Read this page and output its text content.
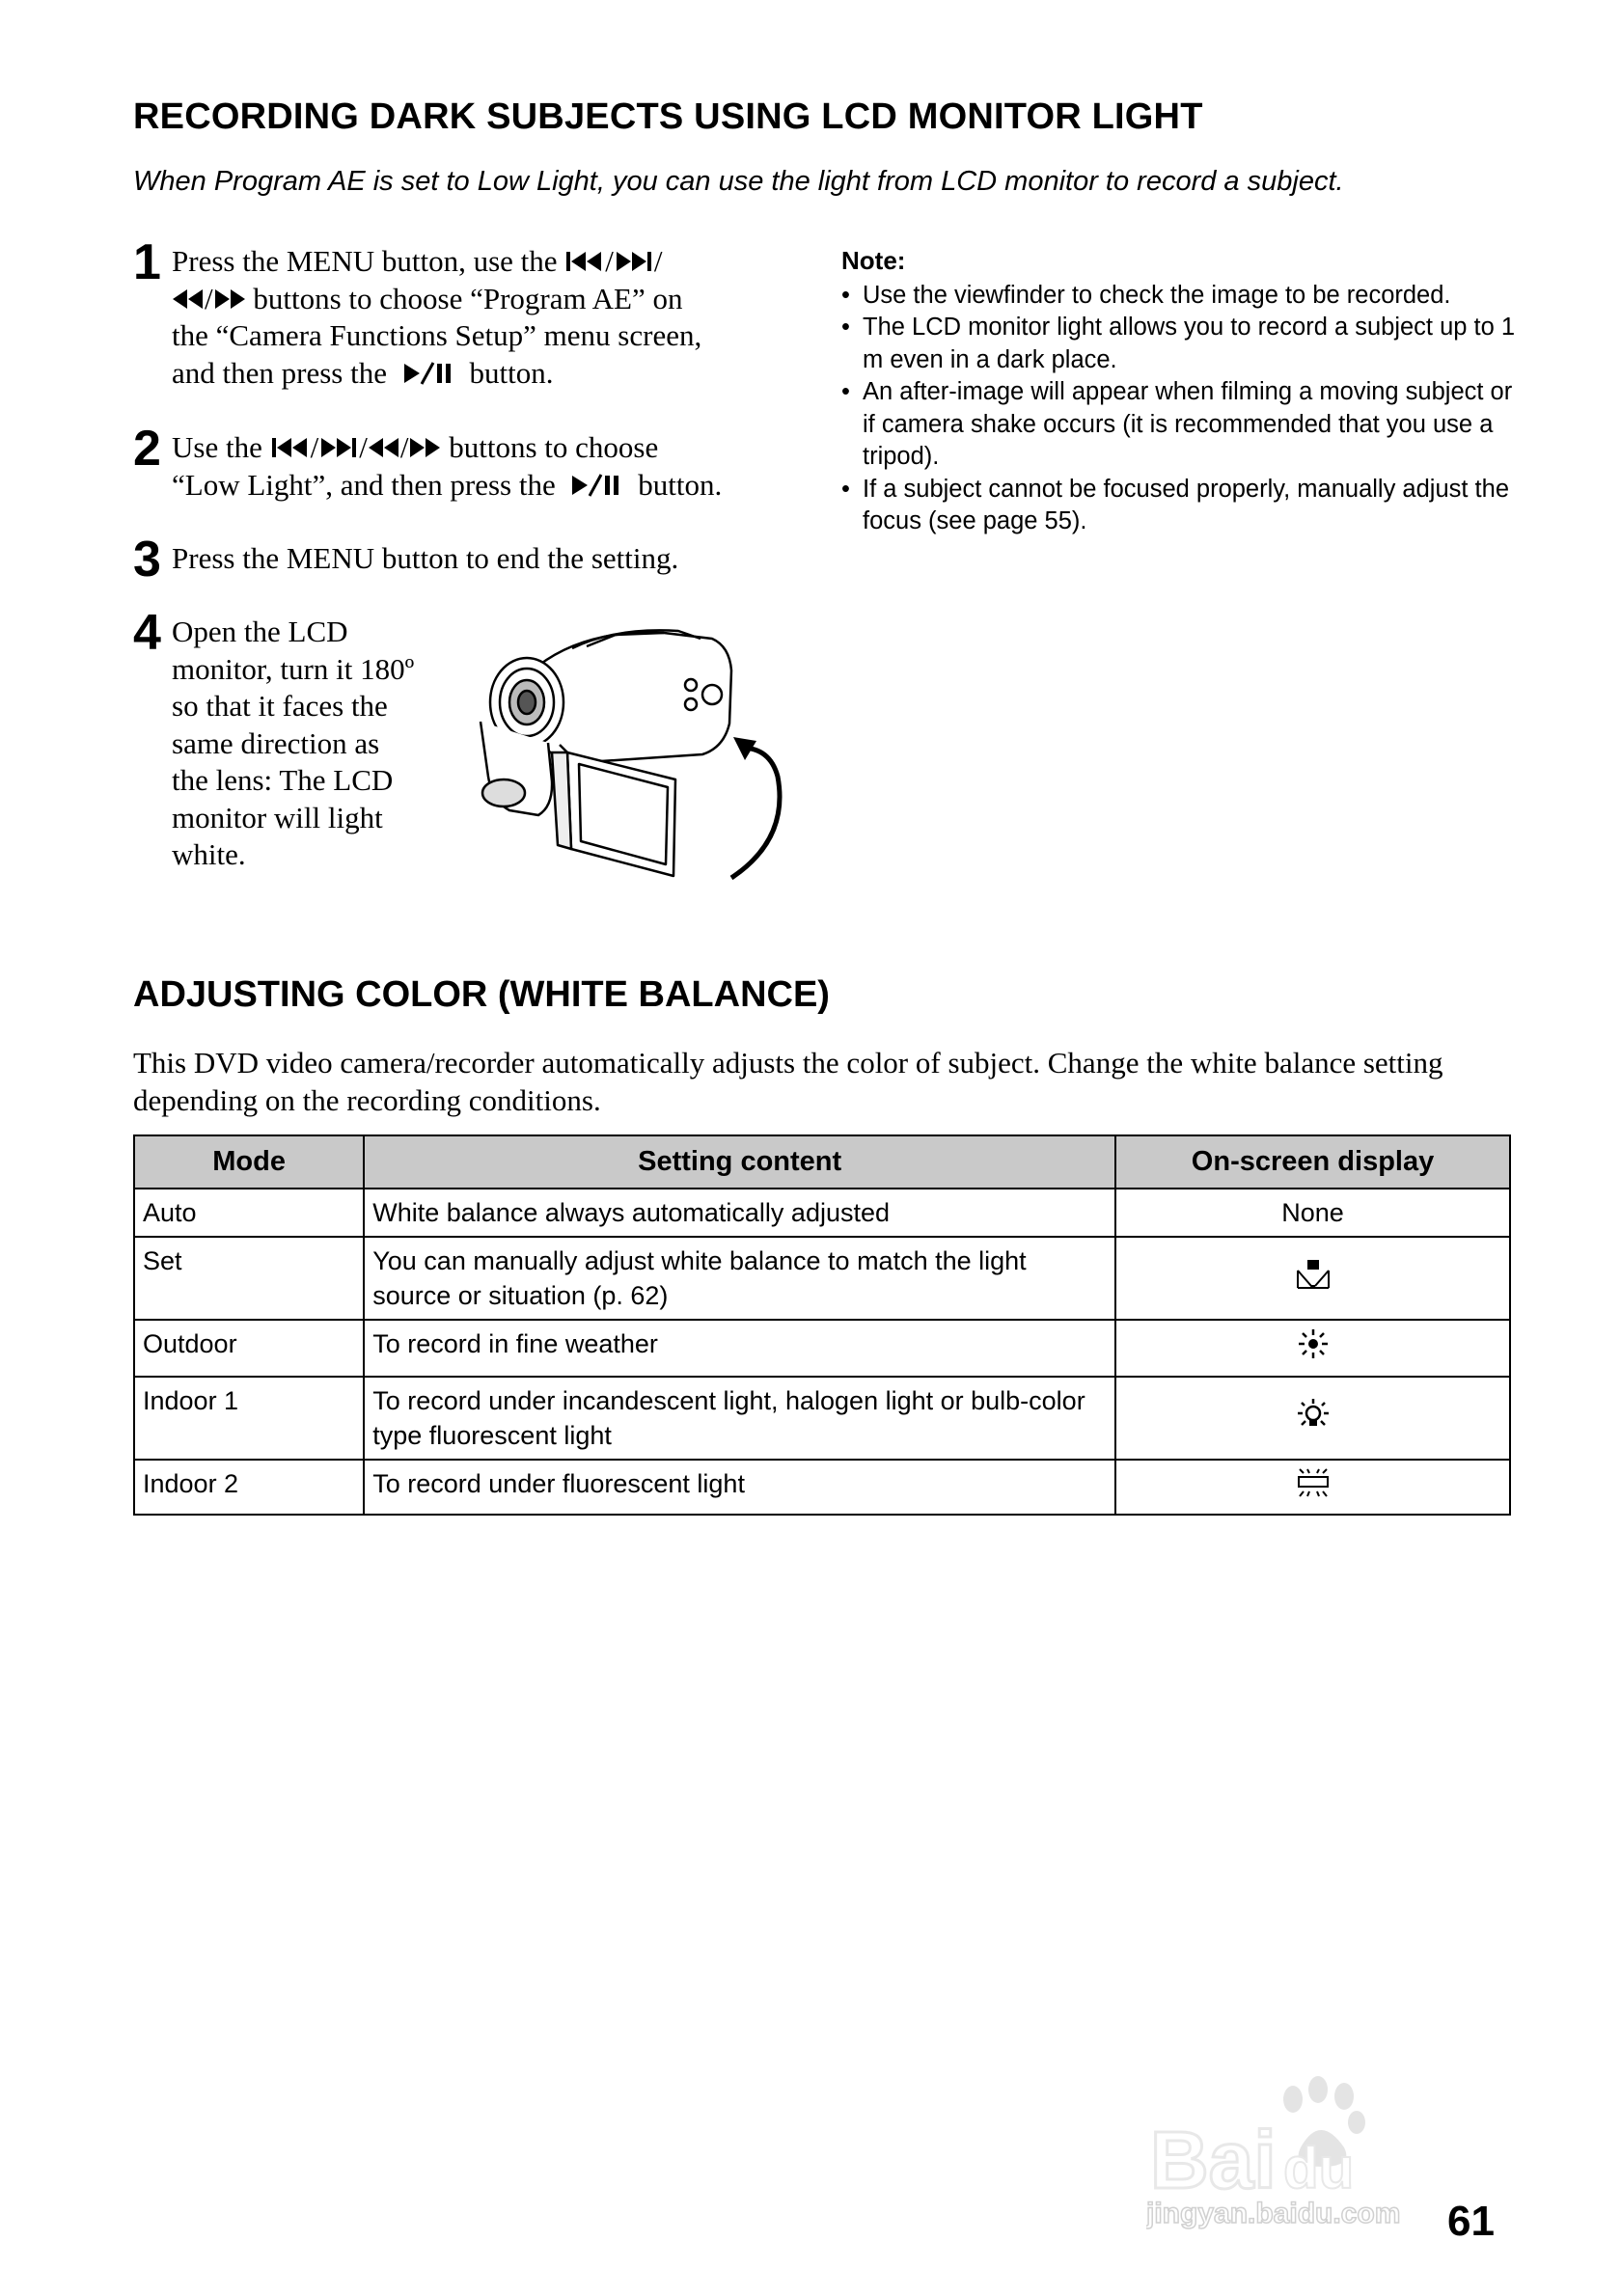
RECORDING DARK SUBJECTS USING LCD MONITOR LIGHT
When Program AE is set to Low Light, you can use the light from LCD monitor to record a subject.
1 Press the MENU button, use the / /
/ buttons to choose “Program AE” on
the “Camera Functions Setup” menu screen,
and then press the  button.
2 Use the / / / buttons to choose
“Low Light”, and then press the  button.
3 Press the MENU button to end the setting.
4 Open the LCD
monitor, turn it 180º
so that it faces the
same direction as
the lens: The LCD
monitor will light
white.
Note:
• Use the viewfinder to check the image to be recorded.
• The LCD monitor light allows you to record a subject up to 1 m even in a dark place.
• An after-image will appear when filming a moving subject or if camera shake occurs (it is recommended that you use a tripod).
• If a subject cannot be focused properly, manually adjust the focus (see page 55).
ADJUSTING COLOR (WHITE BALANCE)
This DVD video camera/recorder automatically adjusts the color of subject. Change the white balance setting depending on the recording conditions.
Mode	Setting content	On-screen display
Auto	White balance always automatically adjusted	None
Set	You can manually adjust white balance to match the light source or situation (p. 62)	
Outdoor	To record in fine weather	
Indoor 1	To record under incandescent light, halogen light or bulb-color type fluorescent light	
Indoor 2	To record under fluorescent light	
Bai du
jingyan.baidu.com 61
